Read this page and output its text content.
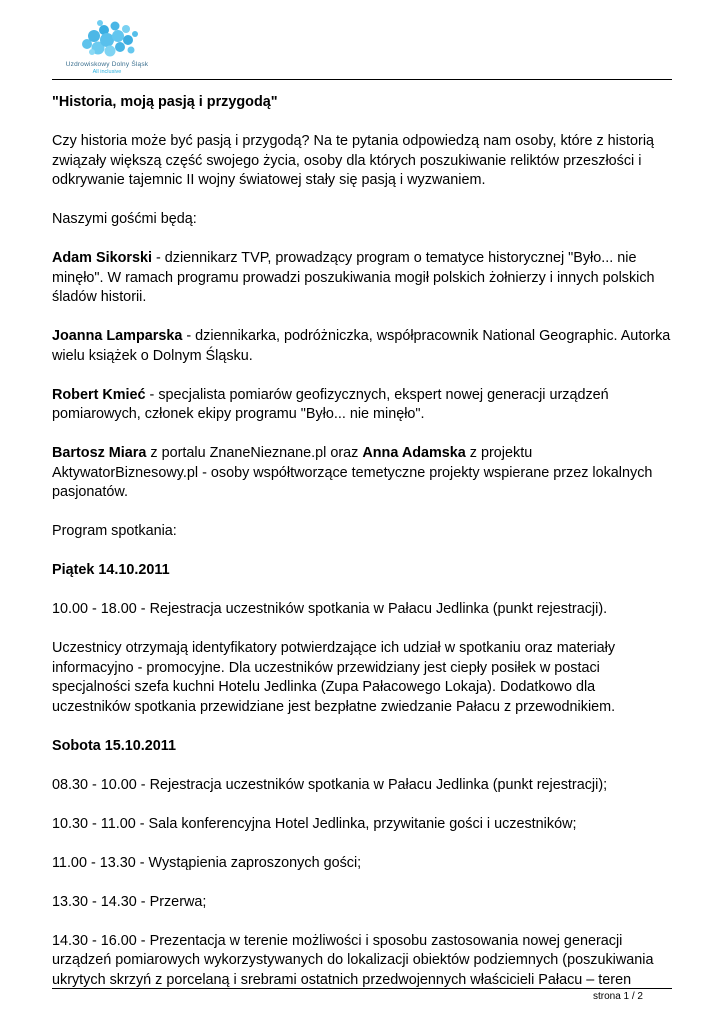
Uzdrowiskowy Dolny Śląsk
All inclusive

"Historia, moją pasją i przygodą"

Czy historia może być pasją i przygodą? Na te pytania odpowiedzą nam osoby, które z historią związały większą część swojego życia, osoby dla których poszukiwanie reliktów przeszłości i odkrywanie tajemnic II wojny światowej stały się pasją i wyzwaniem.

Naszymi gośćmi będą:

Adam Sikorski - dziennikarz TVP, prowadzący program o tematyce historycznej "Było... nie minęło". W ramach programu prowadzi poszukiwania mogił polskich żołnierzy i innych polskich śladów historii.

Joanna Lamparska - dziennikarka, podróżniczka, współpracownik National Geographic. Autorka wielu książek o Dolnym Śląsku.

Robert Kmieć - specjalista pomiarów geofizycznych, ekspert nowej generacji urządzeń pomiarowych, członek ekipy programu "Było... nie minęło".

Bartosz Miara z portalu ZnaneNieznane.pl oraz Anna Adamska z projektu AktywatorBiznesowy.pl - osoby współtworzące temetyczne projekty wspierane przez lokalnych pasjonatów.

Program spotkania:

Piątek 14.10.2011

10.00 - 18.00 - Rejestracja uczestników spotkania w Pałacu Jedlinka (punkt rejestracji).

Uczestnicy otrzymają identyfikatory potwierdzające ich udział w spotkaniu oraz materiały informacyjno - promocyjne. Dla uczestników przewidziany jest ciepły posiłek w postaci specjalności szefa kuchni Hotelu Jedlinka (Zupa Pałacowego Lokaja). Dodatkowo dla uczestników spotkania przewidziane jest bezpłatne zwiedzanie Pałacu z przewodnikiem.

Sobota 15.10.2011

08.30 - 10.00 - Rejestracja uczestników spotkania w Pałacu Jedlinka (punkt rejestracji);

10.30 - 11.00 - Sala konferencyjna Hotel Jedlinka, przywitanie gości i uczestników;

11.00 - 13.30 - Wystąpienia zaproszonych gości;

13.30 - 14.30 - Przerwa;

14.30 - 16.00 - Prezentacja w terenie możliwości i sposobu zastosowania nowej generacji urządzeń pomiarowych wykorzystywanych do lokalizacji obiektów podziemnych (poszukiwania ukrytych skrzyń z porcelaną i srebrami ostatnich przedwojennych właścicieli Pałacu – teren

strona 1 / 2
